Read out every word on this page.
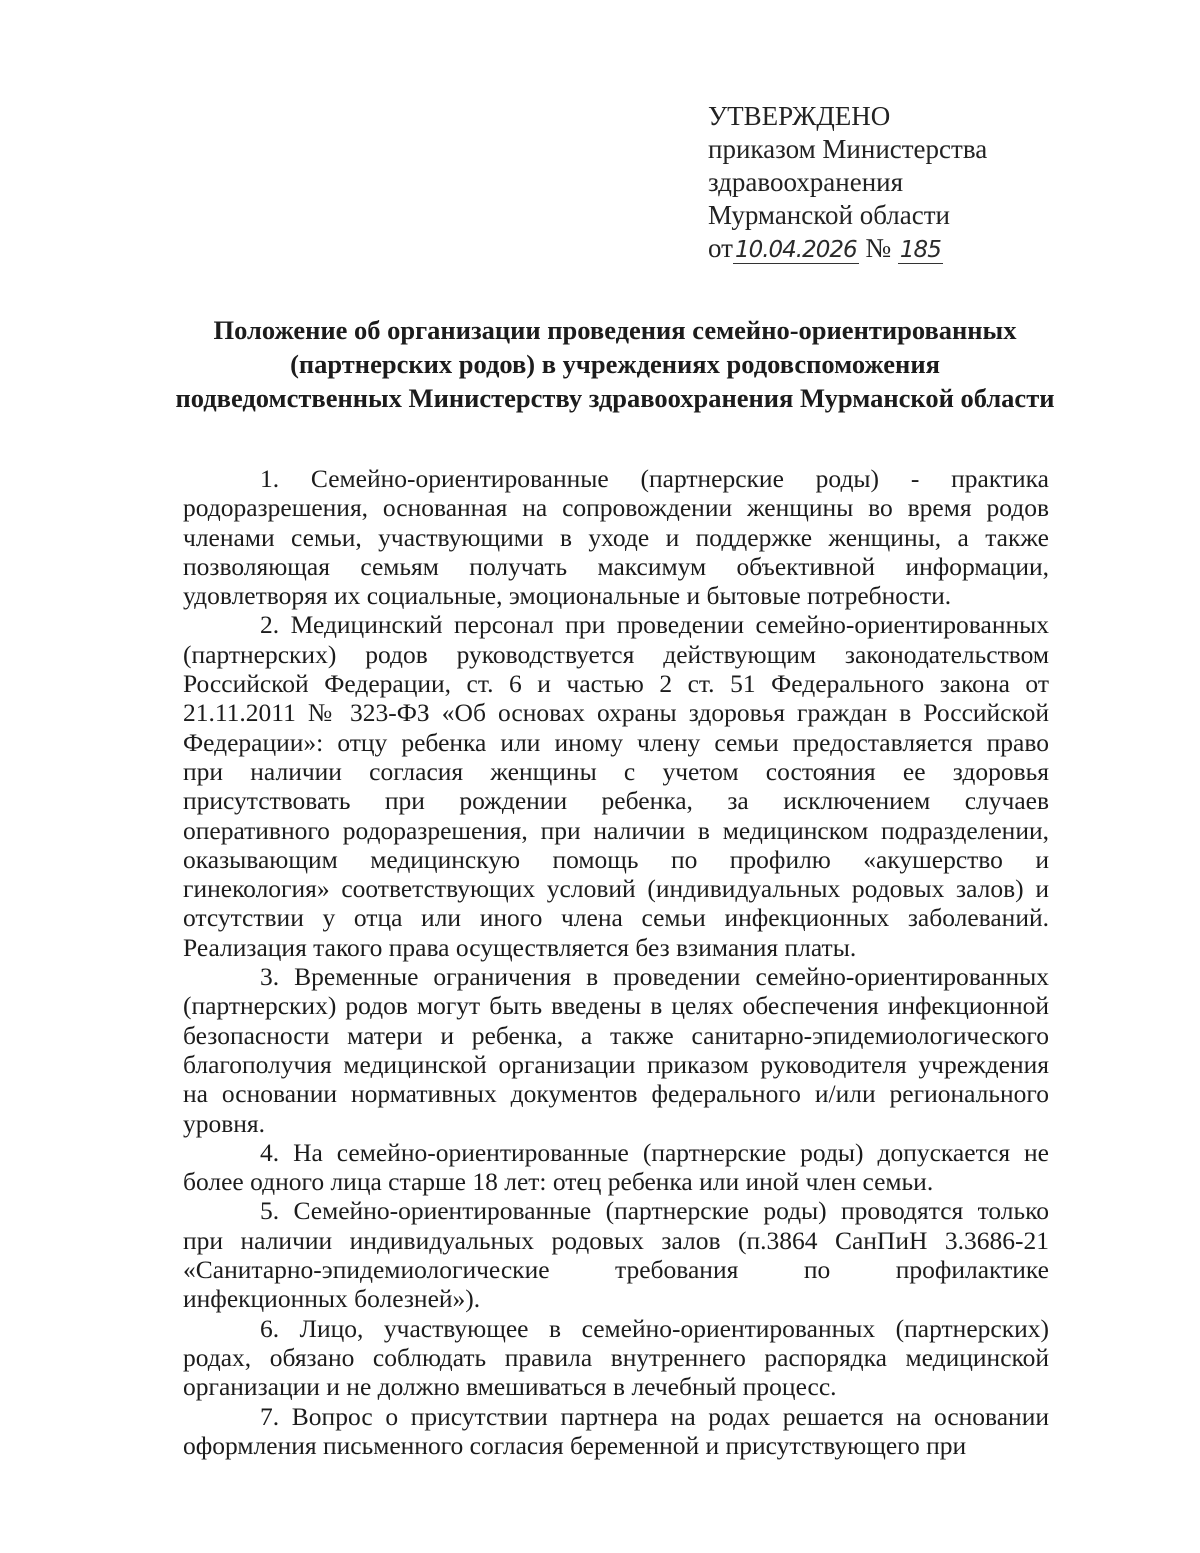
УТВЕРЖДЕНО
приказом Министерства
здравоохранения
Мурманской области
от10.04.2026 № 185
Положение об организации проведения семейно-ориентированных
(партнерских родов) в учреждениях родовспоможения
подведомственных Министерству здравоохранения Мурманской области
1. Семейно-ориентированные (партнерские роды) - практика
родоразрешения, основанная на сопровождении женщины во время родов
членами семьи, участвующими в уходе и поддержке женщины, а также
позволяющая семьям получать максимум объективной информации,
удовлетворяя их социальные, эмоциональные и бытовые потребности.
2. Медицинский персонал при проведении семейно-ориентированных
(партнерских) родов руководствуется действующим законодательством
Российской Федерации, ст. 6 и частью 2 ст. 51 Федерального закона от
21.11.2011 № 323-ФЗ «Об основах охраны здоровья граждан в Российской
Федерации»: отцу ребенка или иному члену семьи предоставляется право
при наличии согласия женщины с учетом состояния ее здоровья
присутствовать при рождении ребенка, за исключением случаев
оперативного родоразрешения, при наличии в медицинском подразделении,
оказывающим медицинскую помощь по профилю «акушерство и
гинекология» соответствующих условий (индивидуальных родовых залов) и
отсутствии у отца или иного члена семьи инфекционных заболеваний.
Реализация такого права осуществляется без взимания платы.
3. Временные ограничения в проведении семейно-ориентированных
(партнерских) родов могут быть введены в целях обеспечения инфекционной
безопасности матери и ребенка, а также санитарно-эпидемиологического
благополучия медицинской организации приказом руководителя учреждения
на основании нормативных документов федерального и/или регионального
уровня.
4. На семейно-ориентированные (партнерские роды) допускается не
более одного лица старше 18 лет: отец ребенка или иной член семьи.
5. Семейно-ориентированные (партнерские роды) проводятся только
при наличии индивидуальных родовых залов (п.3864 СанПиН 3.3686-21
«Санитарно-эпидемиологические требования по профилактике
инфекционных болезней»).
6. Лицо, участвующее в семейно-ориентированных (партнерских)
родах, обязано соблюдать правила внутреннего распорядка медицинской
организации и не должно вмешиваться в лечебный процесс.
7. Вопрос о присутствии партнера на родах решается на основании
оформления письменного согласия беременной и присутствующего при
